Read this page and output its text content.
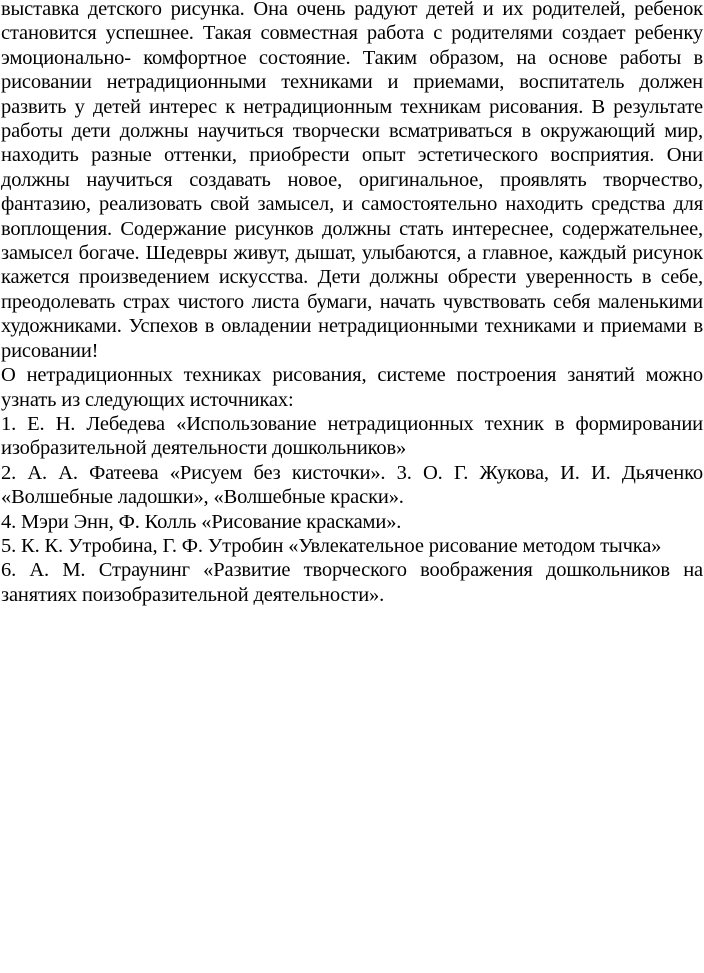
выставка детского рисунка. Она очень радуют детей и их родителей, ребенок становится успешнее. Такая совместная работа с родителями создает ребенку эмоционально- комфортное состояние. Таким образом, на основе работы в рисовании нетрадиционными техниками и приемами, воспитатель должен развить у детей интерес к нетрадиционным техникам рисования. В результате работы дети должны научиться творчески всматриваться в окружающий мир, находить разные оттенки, приобрести опыт эстетического восприятия. Они должны научиться создавать новое, оригинальное, проявлять творчество, фантазию, реализовать свой замысел, и самостоятельно находить средства для воплощения. Содержание рисунков должны стать интереснее, содержательнее, замысел богаче. Шедевры живут, дышат, улыбаются, а главное, каждый рисунок кажется произведением искусства. Дети должны обрести уверенность в себе, преодолевать страх чистого листа бумаги, начать чувствовать себя маленькими художниками. Успехов в овладении нетрадиционными техниками и приемами в рисовании!

О нетрадиционных техниках рисования, системе построения занятий можно узнать из следующих источниках:

1. Е. Н. Лебедева «Использование нетрадиционных техник в формировании изобразительной деятельности дошкольников»

2. А. А. Фатеева «Рисуем без кисточки». 3. О. Г. Жукова, И. И. Дьяченко «Волшебные ладошки», «Волшебные краски».

4. Мэри Энн, Ф. Колль «Рисование красками».

5. К. К. Утробина, Г. Ф. Утробин «Увлекательное рисование методом тычка»

6. А. М. Страунинг «Развитие творческого воображения дошкольников на занятиях поизобразительной деятельности».
